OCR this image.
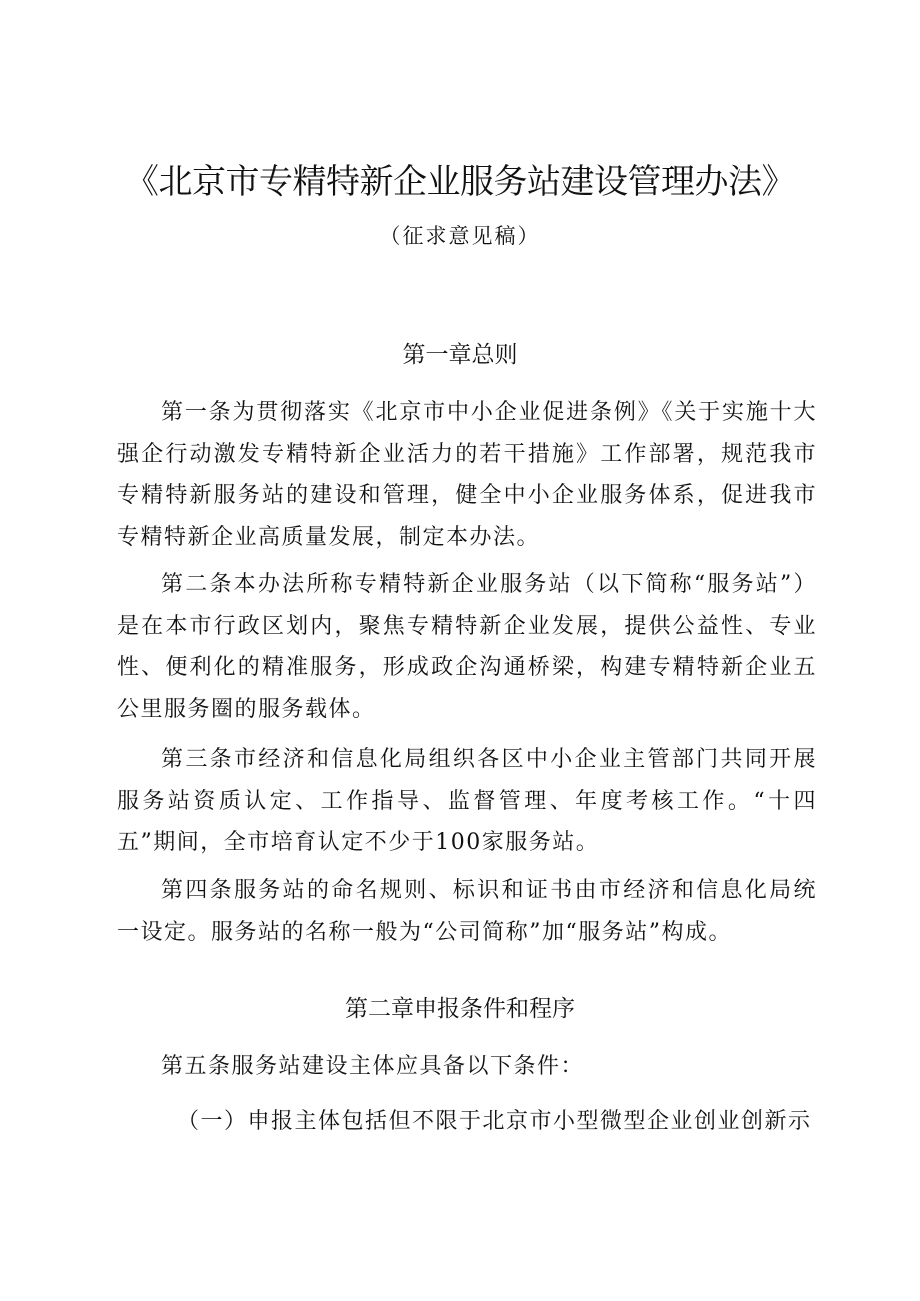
《北京市专精特新企业服务站建设管理办法》
（征求意见稿）
第一章总则
第一条为贯彻落实《北京市中小企业促进条例》《关于实施十大强企行动激发专精特新企业活力的若干措施》工作部署，规范我市专精特新服务站的建设和管理，健全中小企业服务体系，促进我市专精特新企业高质量发展，制定本办法。
第二条本办法所称专精特新企业服务站（以下简称“服务站”）是在本市行政区划内，聚焦专精特新企业发展，提供公益性、专业性、便利化的精准服务，形成政企沟通桥梁，构建专精特新企业五公里服务圈的服务载体。
第三条市经济和信息化局组织各区中小企业主管部门共同开展服务站资质认定、工作指导、监督管理、年度考核工作。“十四五”期间，全市培育认定不少于100家服务站。
第四条服务站的命名规则、标识和证书由市经济和信息化局统一设定。服务站的名称一般为“公司简称”加“服务站”构成。
第二章申报条件和程序
第五条服务站建设主体应具备以下条件：
（一）申报主体包括但不限于北京市小型微型企业创业创新示
